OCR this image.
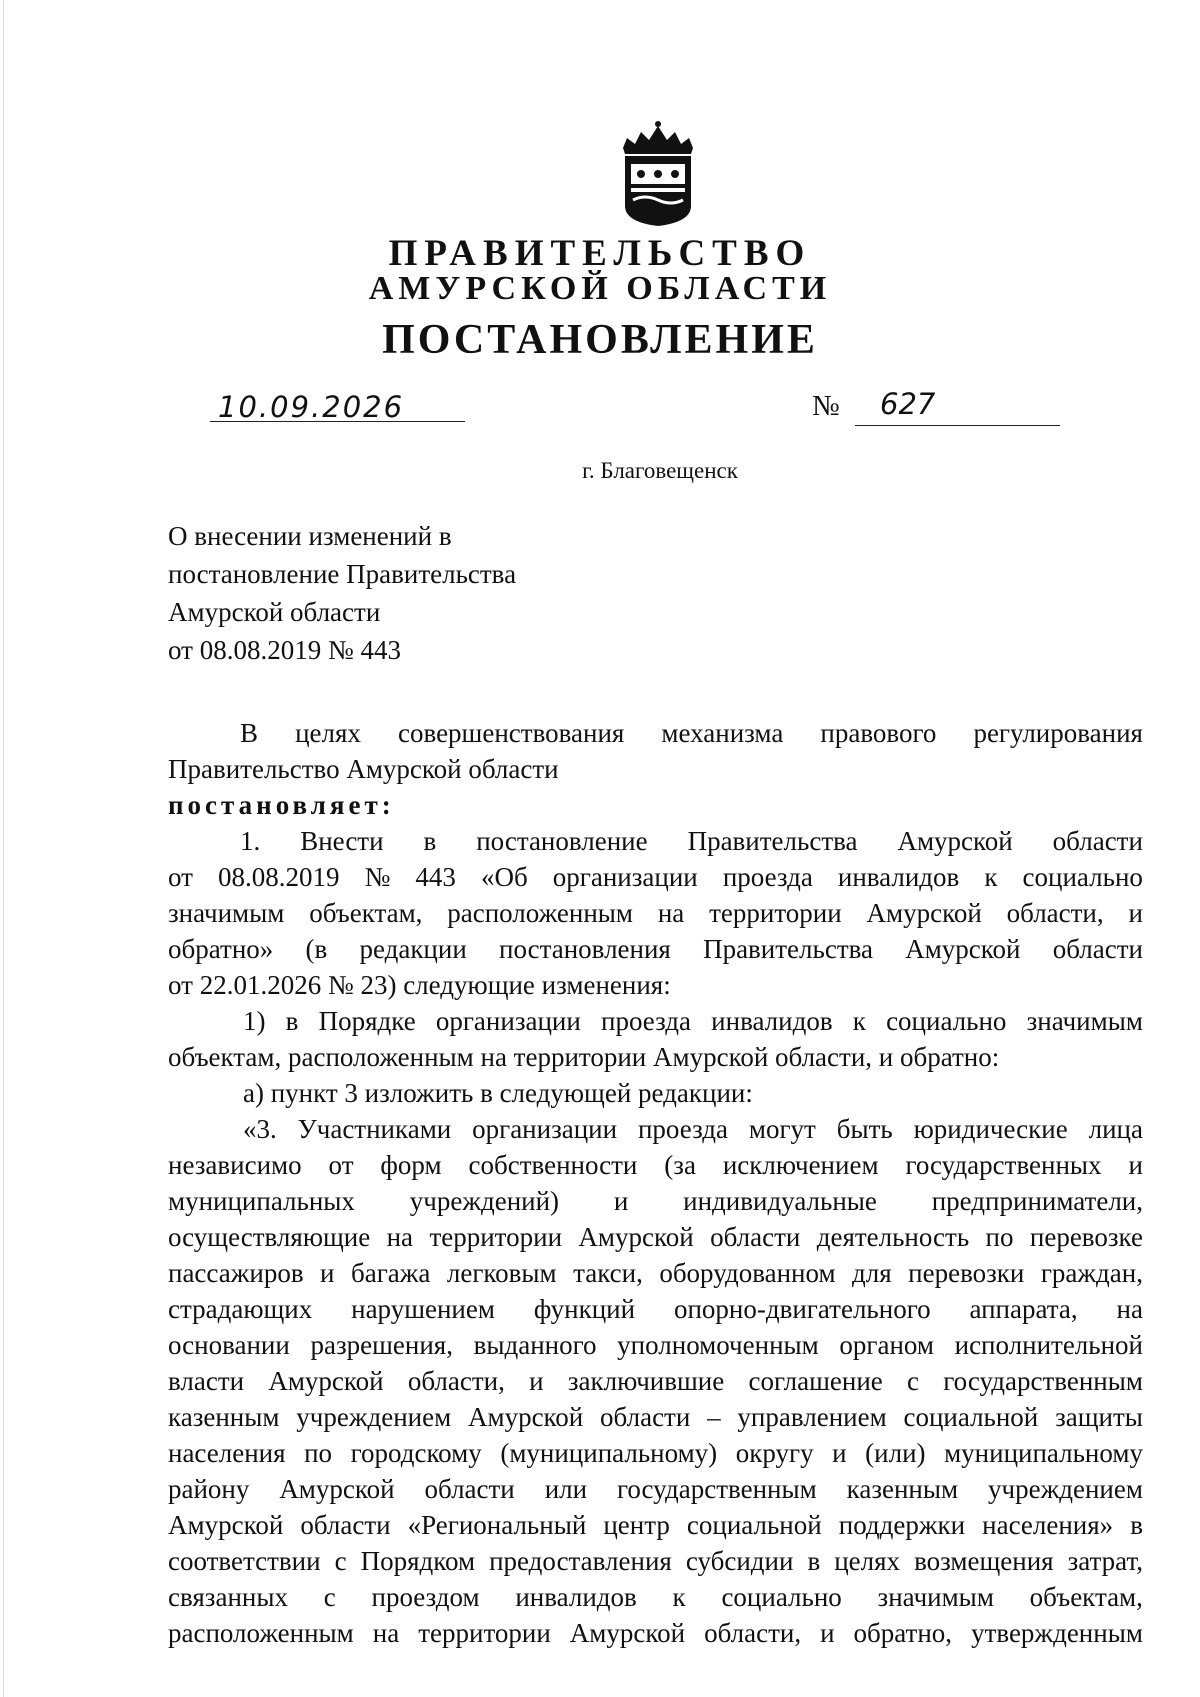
ПРАВИТЕЛЬСТВО
АМУРСКОЙ ОБЛАСТИ
ПОСТАНОВЛЕНИЕ
10.09.2026	№ 627
г. Благовещенск
О внесении изменений в
постановление Правительства
Амурской области
от 08.08.2019 № 443
В целях совершенствования механизма правового регулирования
Правительство Амурской области
постановляет:
1. Внести в постановление Правительства Амурской области
от 08.08.2019 № 443 «Об организации проезда инвалидов к социально
значимым объектам, расположенным на территории Амурской области, и
обратно» (в редакции постановления Правительства Амурской области
от 22.01.2026 № 23) следующие изменения:
1) в Порядке организации проезда инвалидов к социально значимым
объектам, расположенным на территории Амурской области, и обратно:
а) пункт 3 изложить в следующей редакции:
«3. Участниками организации проезда могут быть юридические лица
независимо от форм собственности (за исключением государственных и
муниципальных учреждений) и индивидуальные предприниматели,
осуществляющие на территории Амурской области деятельность по перевозке
пассажиров и багажа легковым такси, оборудованном для перевозки граждан,
страдающих нарушением функций опорно-двигательного аппарата, на
основании разрешения, выданного уполномоченным органом исполнительной
власти Амурской области, и заключившие соглашение с государственным
казенным учреждением Амурской области – управлением социальной защиты
населения по городскому (муниципальному) округу и (или) муниципальному
району Амурской области или государственным казенным учреждением
Амурской области «Региональный центр социальной поддержки населения» в
соответствии с Порядком предоставления субсидии в целях возмещения затрат,
связанных с проездом инвалидов к социально значимым объектам,
расположенным на территории Амурской области, и обратно, утвержденным
